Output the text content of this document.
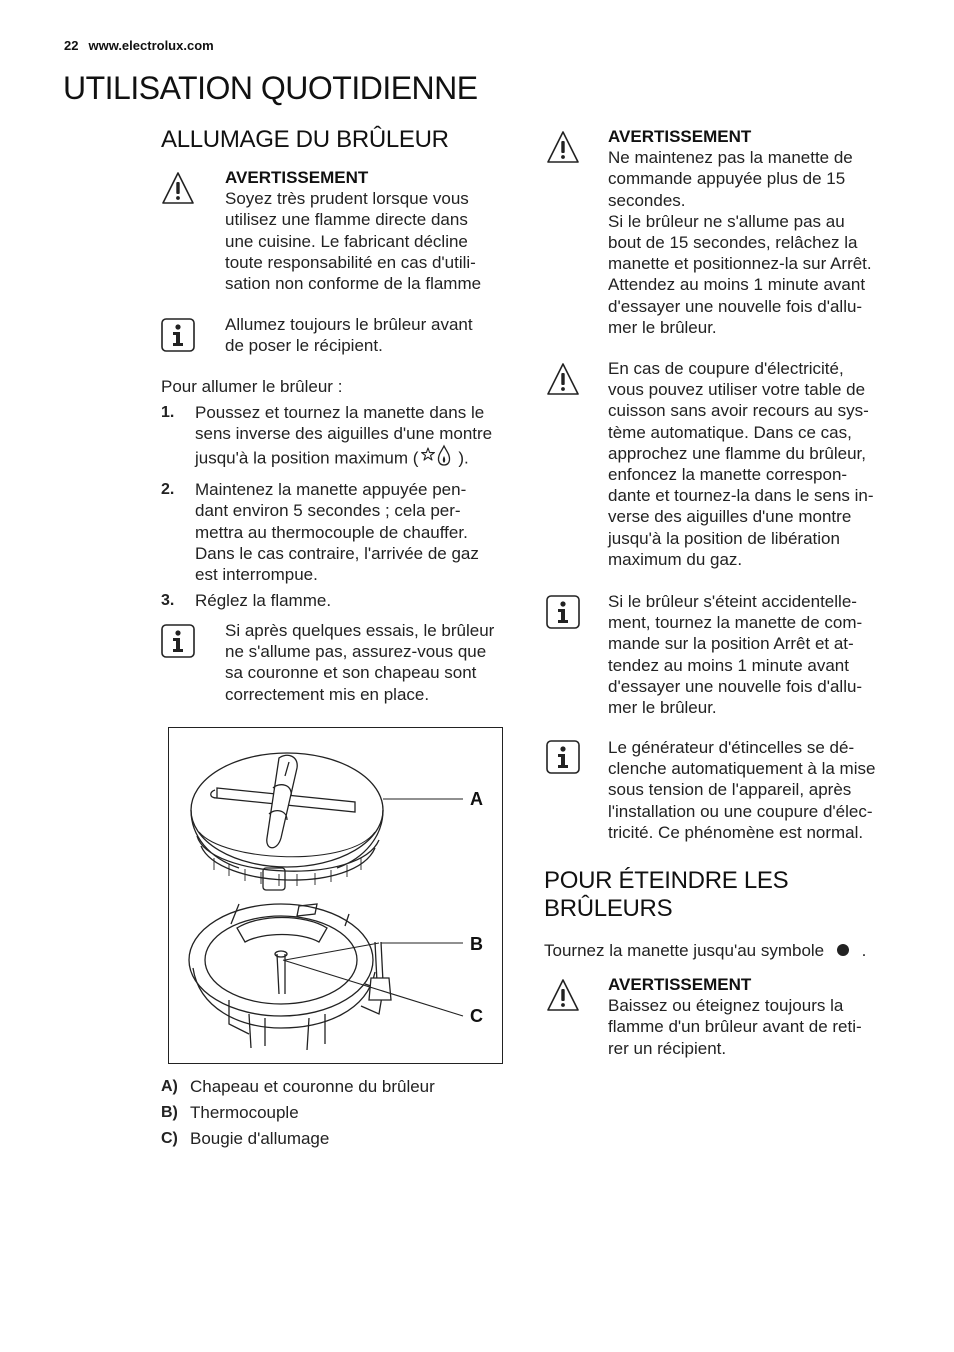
22 www.electrolux.com
UTILISATION QUOTIDIENNE
ALLUMAGE DU BRÛLEUR
AVERTISSEMENT
Soyez très prudent lorsque vous
utilisez une flamme directe dans
une cuisine. Le fabricant décline
toute responsabilité en cas d'utili-
sation non conforme de la flamme
Allumez toujours le brûleur avant
de poser le récipient.
Pour allumer le brûleur :
1.	Poussez et tournez la manette dans le
sens inverse des aiguilles d'une montre
jusqu'à la position maximum ( ).
2.	Maintenez la manette appuyée pen-
dant environ 5 secondes ; cela per-
mettra au thermocouple de chauffer.
Dans le cas contraire, l'arrivée de gaz
est interrompue.
3.	Réglez la flamme.
Si après quelques essais, le brûleur
ne s'allume pas, assurez-vous que
sa couronne et son chapeau sont
correctement mis en place.
A
B
C
A) Chapeau et couronne du brûleur
B) Thermocouple
C) Bougie d'allumage
AVERTISSEMENT
Ne maintenez pas la manette de
commande appuyée plus de 15
secondes.
Si le brûleur ne s'allume pas au
bout de 15 secondes, relâchez la
manette et positionnez-la sur Arrêt.
Attendez au moins 1 minute avant
d'essayer une nouvelle fois d'allu-
mer le brûleur.
En cas de coupure d'électricité,
vous pouvez utiliser votre table de
cuisson sans avoir recours au sys-
tème automatique. Dans ce cas,
approchez une flamme du brûleur,
enfoncez la manette correspon-
dante et tournez-la dans le sens in-
verse des aiguilles d'une montre
jusqu'à la position de libération
maximum du gaz.
Si le brûleur s'éteint accidentelle-
ment, tournez la manette de com-
mande sur la position Arrêt et at-
tendez au moins 1 minute avant
d'essayer une nouvelle fois d'allu-
mer le brûleur.
Le générateur d'étincelles se dé-
clenche automatiquement à la mise
sous tension de l'appareil, après
l'installation ou une coupure d'élec-
tricité. Ce phénomène est normal.
POUR ÉTEINDRE LES
BRÛLEURS
Tournez la manette jusqu'au symbole .
AVERTISSEMENT
Baissez ou éteignez toujours la
flamme d'un brûleur avant de reti-
rer un récipient.
